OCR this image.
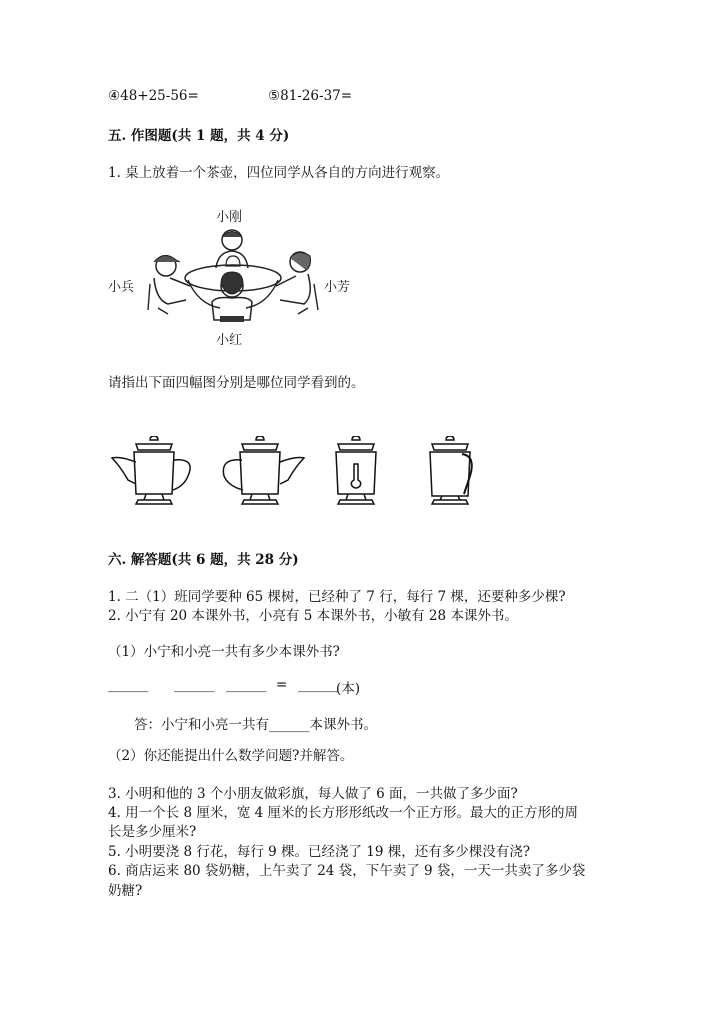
④48+25-56=	⑤81-26-37=
五. 作图题(共 1 题，共 4 分)
1. 桌上放着一个茶壶，四位同学从各自的方向进行观察。
小刚
小兵	小芳
小红
请指出下面四幅图分别是哪位同学看到的。
六. 解答题(共 6 题，共 28 分)
1. 二（1）班同学要种 65 棵树，已经种了 7 行，每行 7 棵，还要种多少棵?
2. 小宁有 20 本课外书，小亮有 5 本课外书，小敏有 28 本课外书。
（1）小宁和小亮一共有多少本课外书?
______ ______ ______ = ______
(本)
答：小宁和小亮一共有______本课外书。
（2）你还能提出什么数学问题?并解答。
3. 小明和他的 3 个小朋友做彩旗，每人做了 6 面，一共做了多少面?
4. 用一个长 8 厘米，宽 4 厘米的长方形形纸改一个正方形。最大的正方形的周
长是多少厘米?
5. 小明要浇 8 行花，每行 9 棵。已经浇了 19 棵，还有多少棵没有浇?
6. 商店运来 80 袋奶糖，上午卖了 24 袋，下午卖了 9 袋，一天一共卖了多少袋
奶糖?
